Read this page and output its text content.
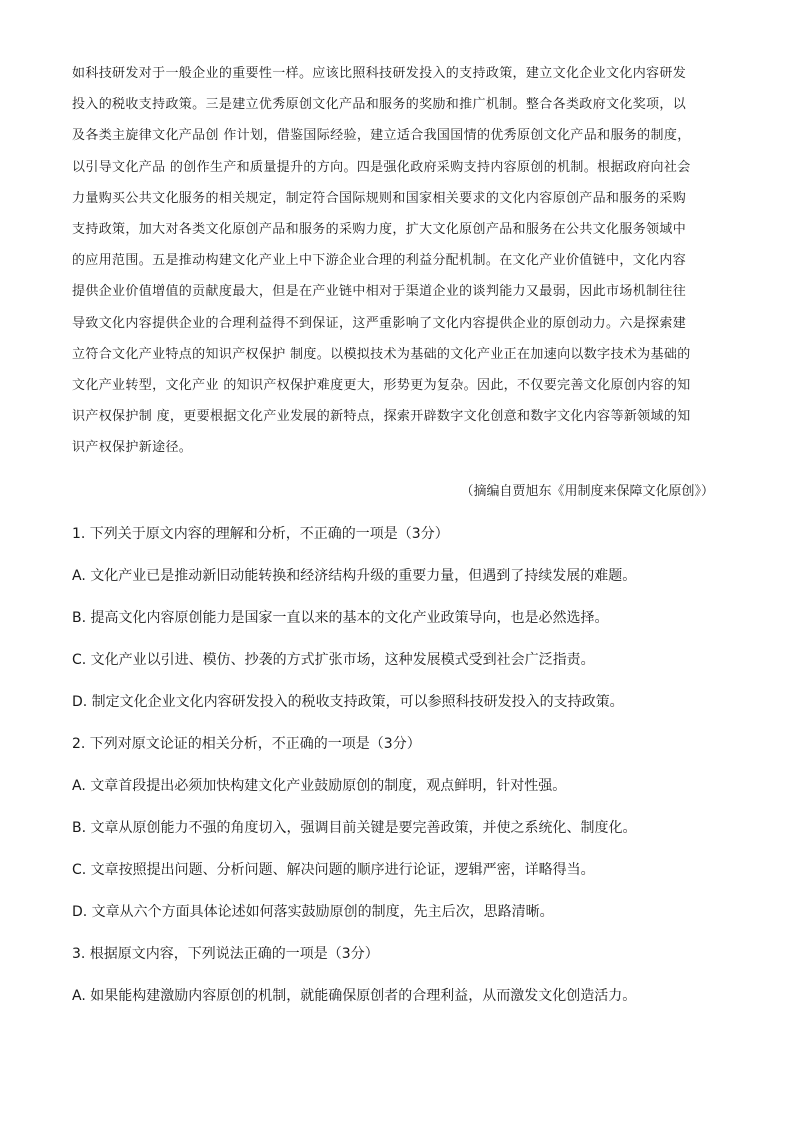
如科技研发对于一般企业的重要性一样。应该比照科技研发投入的支持政策，建立文化企业文化内容研发
投入的税收支持政策。三是建立优秀原创文化产品和服务的奖励和推广机制。整合各类政府文化奖项，以
及各类主旋律文化产品创 作计划，借鉴国际经验，建立适合我国国情的优秀原创文化产品和服务的制度，
以引导文化产品 的创作生产和质量提升的方向。四是强化政府采购支持内容原创的机制。根据政府向社会
力量购买公共文化服务的相关规定，制定符合国际规则和国家相关要求的文化内容原创产品和服务的采购
支持政策，加大对各类文化原创产品和服务的采购力度，扩大文化原创产品和服务在公共文化服务领域中
的应用范围。五是推动构建文化产业上中下游企业合理的利益分配机制。在文化产业价值链中，文化内容
提供企业价值增值的贡献度最大，但是在产业链中相对于渠道企业的谈判能力又最弱，因此市场机制往往
导致文化内容提供企业的合理利益得不到保证，这严重影响了文化内容提供企业的原创动力。六是探索建
立符合文化产业特点的知识产权保护 制度。以模拟技术为基础的文化产业正在加速向以数字技术为基础的
文化产业转型，文化产业 的知识产权保护难度更大，形势更为复杂。因此，不仅要完善文化原创内容的知
识产权保护制 度，更要根据文化产业发展的新特点，探索开辟数字文化创意和数字文化内容等新领域的知
识产权保护新途径。
（摘编自贾旭东《用制度来保障文化原创》）
1. 下列关于原文内容的理解和分析，不正确的一项是（3分）
A. 文化产业已是推动新旧动能转换和经济结构升级的重要力量，但遇到了持续发展的难题。
B. 提高文化内容原创能力是国家一直以来的基本的文化产业政策导向，也是必然选择。
C. 文化产业以引进、模仿、抄袭的方式扩张市场，这种发展模式受到社会广泛指责。
D. 制定文化企业文化内容研发投入的税收支持政策，可以参照科技研发投入的支持政策。
2. 下列对原文论证的相关分析，不正确的一项是（3分）
A. 文章首段提出必须加快构建文化产业鼓励原创的制度，观点鲜明，针对性强。
B. 文章从原创能力不强的角度切入，强调目前关键是要完善政策，并使之系统化、制度化。
C. 文章按照提出问题、分析问题、解决问题的顺序进行论证，逻辑严密，详略得当。
D. 文章从六个方面具体论述如何落实鼓励原创的制度，先主后次，思路清晰。
3. 根据原文内容，下列说法正确的一项是（3分）
A. 如果能构建激励内容原创的机制，就能确保原创者的合理利益，从而激发文化创造活力。
